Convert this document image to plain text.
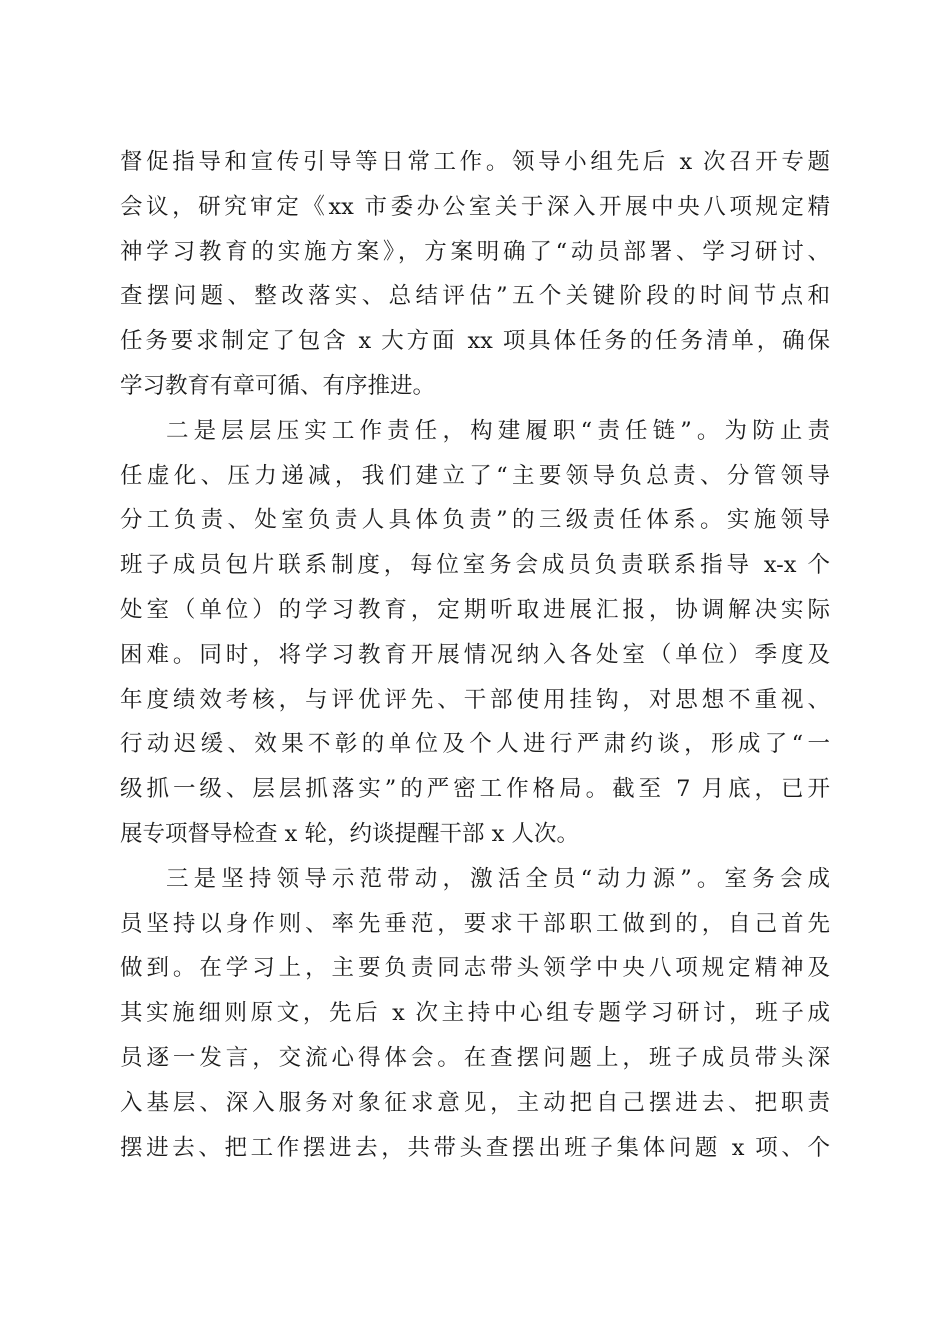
督促指导和宣传引导等日常工作。领导小组先后 x 次召开专题
会议，研究审定《xx 市委办公室关于深入开展中央八项规定精
神学习教育的实施方案》，方案明确了“动员部署、学习研讨、
查摆问题、整改落实、总结评估”五个关键阶段的时间节点和
任务要求制定了包含 x 大方面 xx 项具体任务的任务清单，确保
学习教育有章可循、有序推进。
二是层层压实工作责任，构建履职“责任链”。为防止责
任虚化、压力递减，我们建立了“主要领导负总责、分管领导
分工负责、处室负责人具体负责”的三级责任体系。实施领导
班子成员包片联系制度，每位室务会成员负责联系指导 x-x 个
处室（单位）的学习教育，定期听取进展汇报，协调解决实际
困难。同时，将学习教育开展情况纳入各处室（单位）季度及
年度绩效考核，与评优评先、干部使用挂钩，对思想不重视、
行动迟缓、效果不彰的单位及个人进行严肃约谈，形成了“一
级抓一级、层层抓落实”的严密工作格局。截至 7 月底，已开
展专项督导检查 x 轮，约谈提醒干部 x 人次。
三是坚持领导示范带动，激活全员“动力源”。室务会成
员坚持以身作则、率先垂范，要求干部职工做到的，自己首先
做到。在学习上，主要负责同志带头领学中央八项规定精神及
其实施细则原文，先后 x 次主持中心组专题学习研讨，班子成
员逐一发言，交流心得体会。在查摆问题上，班子成员带头深
入基层、深入服务对象征求意见，主动把自己摆进去、把职责
摆进去、把工作摆进去，共带头查摆出班子集体问题 x 项、个
